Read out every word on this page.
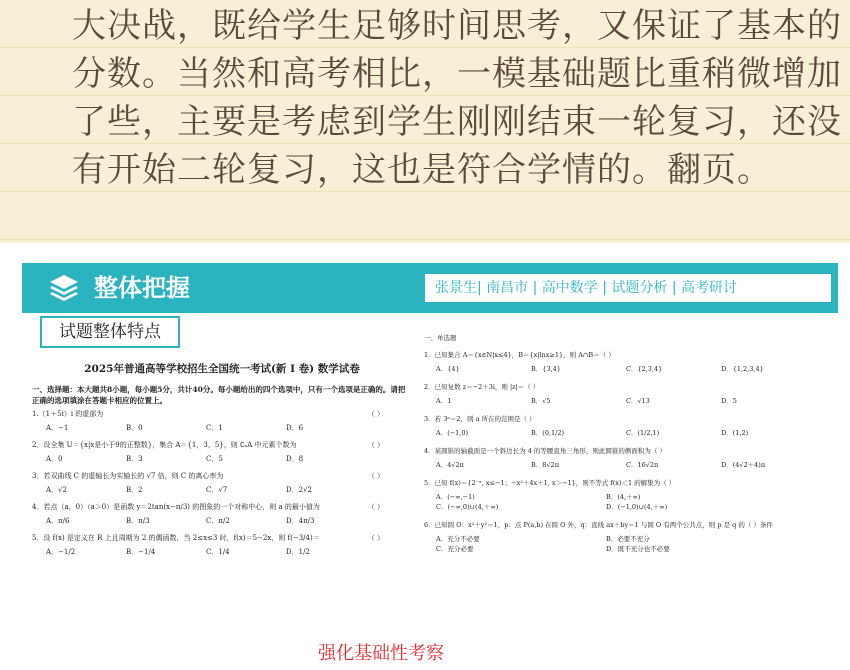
大决战，既给学生足够时间思考，又保证了基本的
分数。当然和高考相比，一模基础题比重稍微增加
了些，主要是考虑到学生刚刚结束一轮复习，还没
有开始二轮复习，这也是符合学情的。翻页。
整体把握	张景生| 南昌市 | 高中数学 | 试题分析 | 高考研讨
试题整体特点
2025年普通高等学校招生全国统一考试(新 I 卷) 数学试卷
一、选择题：本大题共8小题，每小题5分，共计40分。每小题给出的四个选项中，只有一个选项是正确的。请把正确的选项填涂在答题卡相应的位置上。
1.（1＋5i）i 的虚部为	（ ）
A．−1	B．0	C．1	D．6
2．设全集 U＝{x|x是小于9的正整数}，集合 A＝{1，3，5}，则 ∁ᵤA 中元素个数为	（ ）
A．0	B．3	C．5	D．8
3．若双曲线 C 的虚轴长为实轴长的 √7 倍，则 C 的离心率为	（ ）
A．√2	B．2	C．√7	D．2√2
4．若点（a，0）（a＞0）是函数 y＝2tan(x−π/3) 的图象的一个对称中心，则 a 的最小值为	（ ）
A．π/6	B．π/3	C．π/2	D．4π/3
5．设 f(x) 是定义在 R 上且周期为 2 的偶函数，当 2≤x≤3 时，f(x)＝5−2x，则 f(−3/4)＝	（ ）
A．−1/2	B．−1/4	C．1/4	D．1/2
一、单选题
1．已知集合 A＝{x∈N|x≤4}，B＝{x|lnx≥1}，则 A∩B＝（ ）
A．{4}	B．{3,4}	C．{2,3,4}	D．{1,2,3,4}
2．已知复数 z＝−2＋3i，则 |z|＝（ ）
A．1	B．√5	C．√13	D．5
3．若 3ᵃ＝2，则 a 所在的范围是（ ）
A．(−1,0)	B．(0,1/2)	C．(1/2,1)	D．(1,2)
4．某圆锥的轴截面是一个斜边长为 4 的等腰直角三角形，则此圆锥的侧面积为（ ）
A．4√2π	B．8√2π	C．16√2π	D．(4√2＋4)π
5．已知 f(x)＝{2⁻ˣ, x≤−1；−x²＋4x＋1, x＞−1}，则不等式 f(x)＜1 的解集为（ ）
A．(−∞,−1)	B．(4,＋∞)
C．(−∞,0)∪(4,＋∞)	D．(−1,0)∪(4,＋∞)
6．已知圆 O：x²＋y²＝1，p：点 P(a,b) 在圆 O 外，q：直线 ax＋by＝1 与圆 O 有两个公共点，则 p 是 q 的（ ）条件
A．充分不必要	B．必要不充分
C．充分必要	D．既不充分也不必要
强化基础性考察
